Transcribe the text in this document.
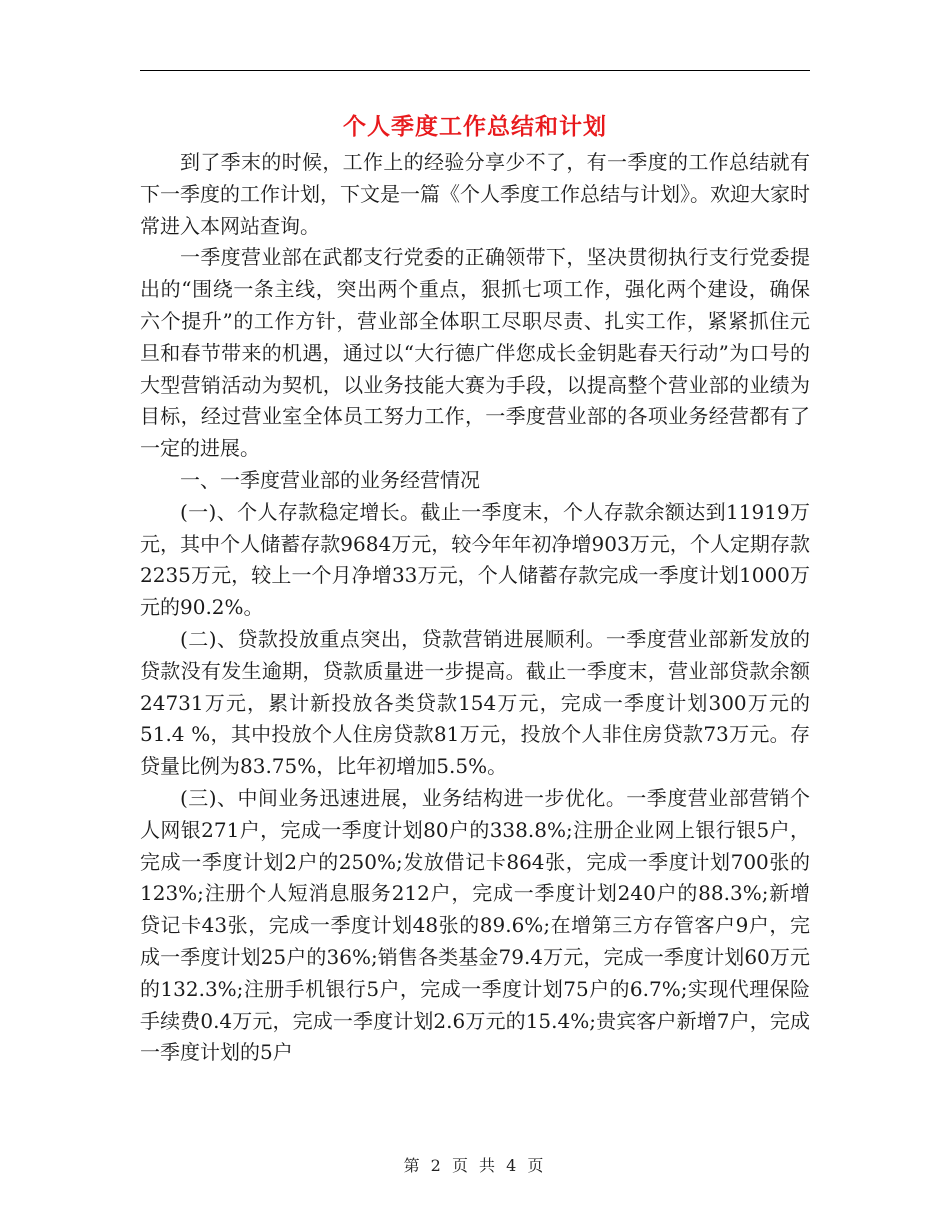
个人季度工作总结和计划

到了季末的时候，工作上的经验分享少不了，有一季度的工作总结就有下一季度的工作计划，下文是一篇《个人季度工作总结与计划》。欢迎大家时常进入本网站查询。

一季度营业部在武都支行党委的正确领带下，坚决贯彻执行支行党委提出的“围绕一条主线，突出两个重点，狠抓七项工作，强化两个建设，确保六个提升”的工作方针，营业部全体职工尽职尽责、扎实工作，紧紧抓住元旦和春节带来的机遇，通过以“大行德广伴您成长金钥匙春天行动”为口号的大型营销活动为契机，以业务技能大赛为手段，以提高整个营业部的业绩为目标，经过营业室全体员工努力工作，一季度营业部的各项业务经营都有了一定的进展。

一、一季度营业部的业务经营情况

(一)、个人存款稳定增长。截止一季度末，个人存款余额达到11919万元，其中个人储蓄存款9684万元，较今年年初净增903万元，个人定期存款2235万元，较上一个月净增33万元，个人储蓄存款完成一季度计划1000万元的90.2%。

(二)、贷款投放重点突出，贷款营销进展顺利。一季度营业部新发放的贷款没有发生逾期，贷款质量进一步提高。截止一季度末，营业部贷款余额24731万元，累计新投放各类贷款154万元，完成一季度计划300万元的51.4 %，其中投放个人住房贷款81万元，投放个人非住房贷款73万元。存贷量比例为83.75%，比年初增加5.5%。

(三)、中间业务迅速进展，业务结构进一步优化。一季度营业部营销个人网银271户，完成一季度计划80户的338.8%;注册企业网上银行银5户，完成一季度计划2户的250%;发放借记卡864张，完成一季度计划700张的123%;注册个人短消息服务212户，完成一季度计划240户的88.3%;新增贷记卡43张，完成一季度计划48张的89.6%;在增第三方存管客户9户，完成一季度计划25户的36%;销售各类基金79.4万元，完成一季度计划60万元的132.3%;注册手机银行5户，完成一季度计划75户的6.7%;实现代理保险手续费0.4万元，完成一季度计划2.6万元的15.4%;贵宾客户新增7户，完成一季度计划的5户

第 2 页 共 4 页
